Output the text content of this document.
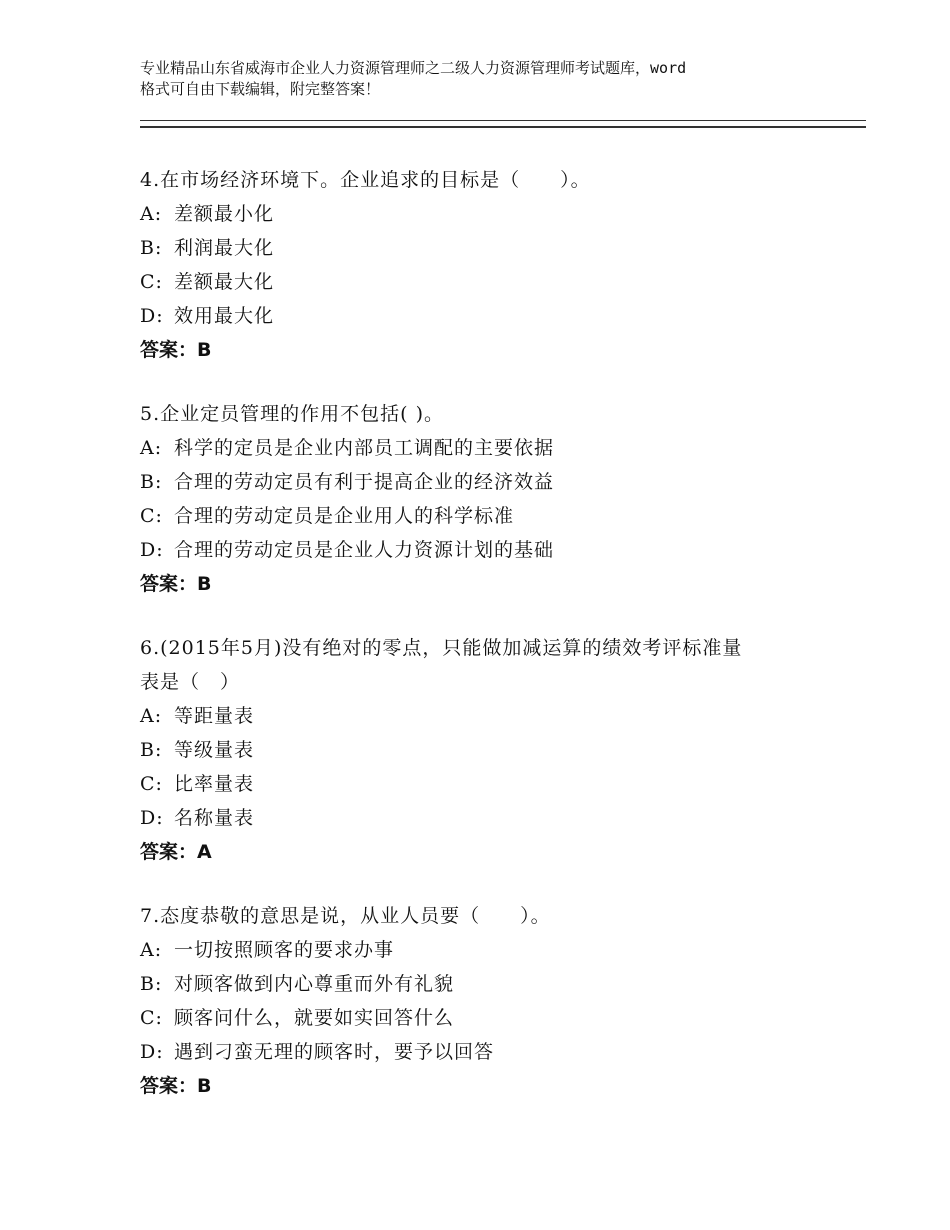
专业精品山东省威海市企业人力资源管理师之二级人力资源管理师考试题库，word
格式可自由下载编辑，附完整答案！
4.在市场经济环境下。企业追求的目标是（　　）。
A: 差额最小化
B: 利润最大化
C: 差额最大化
D: 效用最大化
答案：B
5.企业定员管理的作用不包括( )。
A: 科学的定员是企业内部员工调配的主要依据
B: 合理的劳动定员有利于提高企业的经济效益
C: 合理的劳动定员是企业用人的科学标准
D: 合理的劳动定员是企业人力资源计划的基础
答案：B
6.(2015年5月)没有绝对的零点，只能做加减运算的绩效考评标准量
表是（　）
A: 等距量表
B: 等级量表
C: 比率量表
D: 名称量表
答案：A
7.态度恭敬的意思是说，从业人员要（　　）。
A: 一切按照顾客的要求办事
B: 对顾客做到内心尊重而外有礼貌
C: 顾客问什么，就要如实回答什么
D: 遇到刁蛮无理的顾客时，要予以回答
答案：B
